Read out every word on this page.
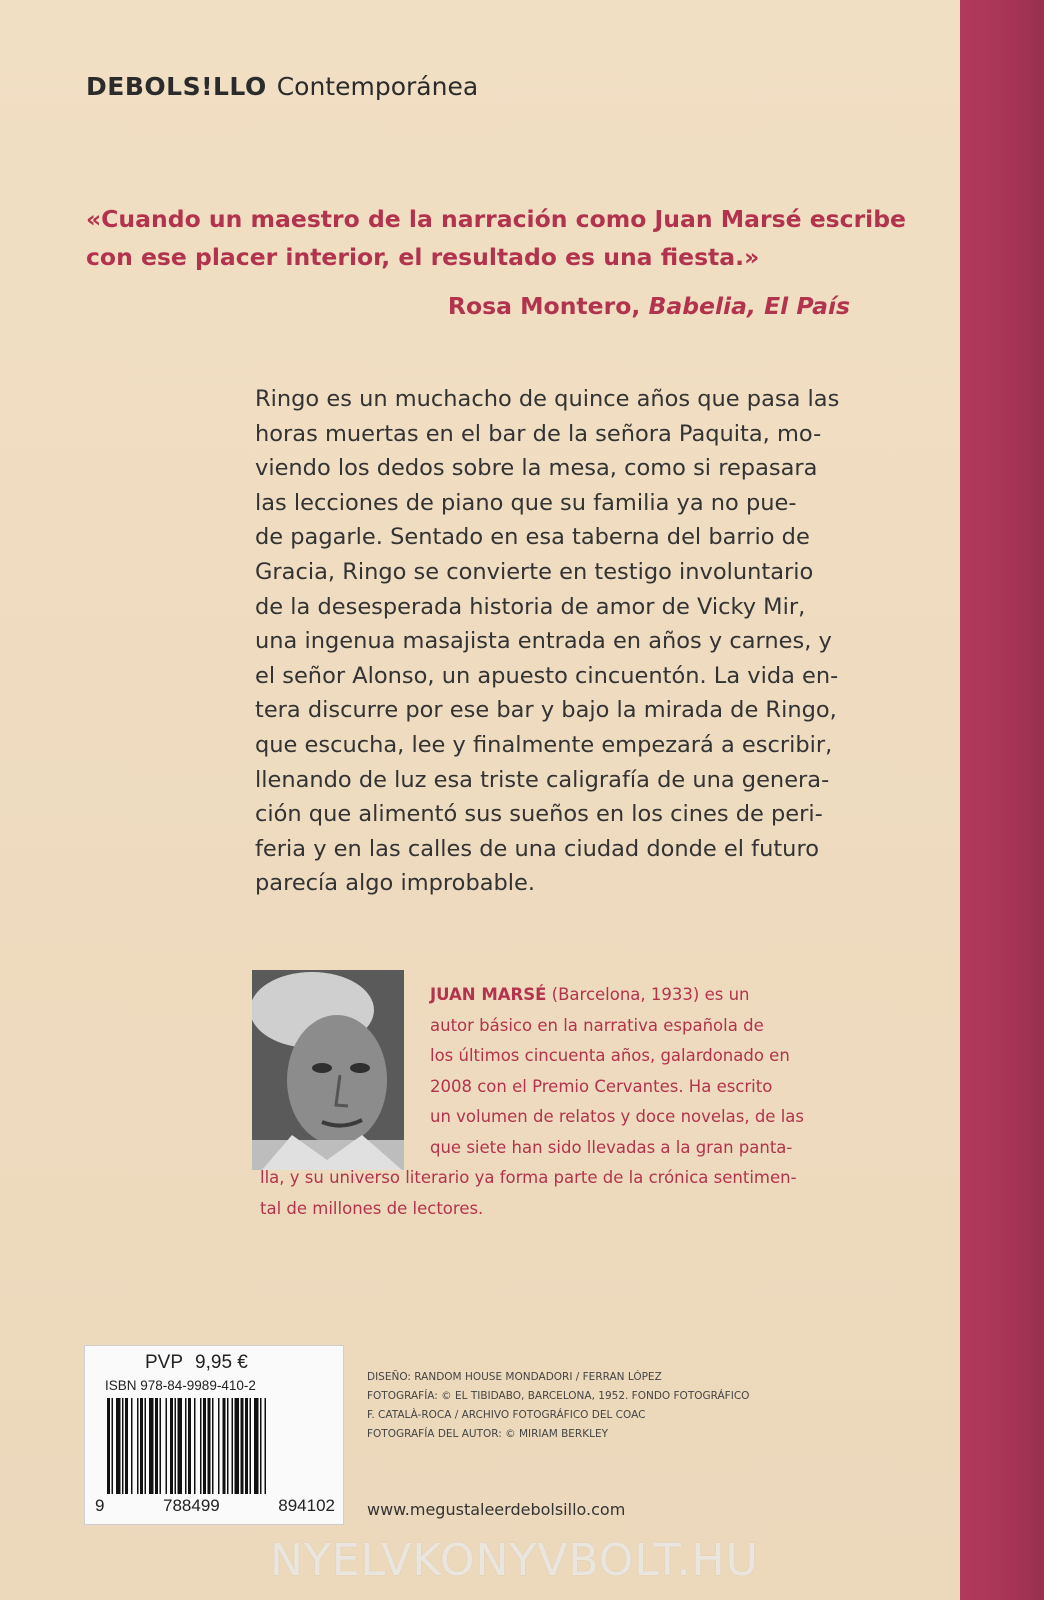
DEBOLS!LLO Contemporánea
«Cuando un maestro de la narración como Juan Marsé escribe
con ese placer interior, el resultado es una fiesta.»
Rosa Montero, Babelia, El País
Ringo es un muchacho de quince años que pasa las
horas muertas en el bar de la señora Paquita, mo-
viendo los dedos sobre la mesa, como si repasara
las lecciones de piano que su familia ya no pue-
de pagarle. Sentado en esa taberna del barrio de
Gracia, Ringo se convierte en testigo involuntario
de la desesperada historia de amor de Vicky Mir,
una ingenua masajista entrada en años y carnes, y
el señor Alonso, un apuesto cincuentón. La vida en-
tera discurre por ese bar y bajo la mirada de Ringo,
que escucha, lee y finalmente empezará a escribir,
llenando de luz esa triste caligrafía de una genera-
ción que alimentó sus sueños en los cines de peri-
feria y en las calles de una ciudad donde el futuro
parecía algo improbable.
JUAN MARSÉ (Barcelona, 1933) es un
autor básico en la narrativa española de
los últimos cincuenta años, galardonado en
2008 con el Premio Cervantes. Ha escrito
un volumen de relatos y doce novelas, de las
que siete han sido llevadas a la gran panta-
lla, y su universo literario ya forma parte de la crónica sentimen-
tal de millones de lectores.
PVP 9,95 €
ISBN 978-84-9989-410-2
9	788499	894102
DISEÑO: RANDOM HOUSE MONDADORI / FERRAN LÓPEZ
FOTOGRAFÍA: © EL TIBIDABO, BARCELONA, 1952. FONDO FOTOGRÁFICO
F. CATALÀ-ROCA / ARCHIVO FOTOGRÁFICO DEL COAC
FOTOGRAFÍA DEL AUTOR: © MIRIAM BERKLEY
www.megustaleerdebolsillo.com
NYELVKONYVBOLT.HU
